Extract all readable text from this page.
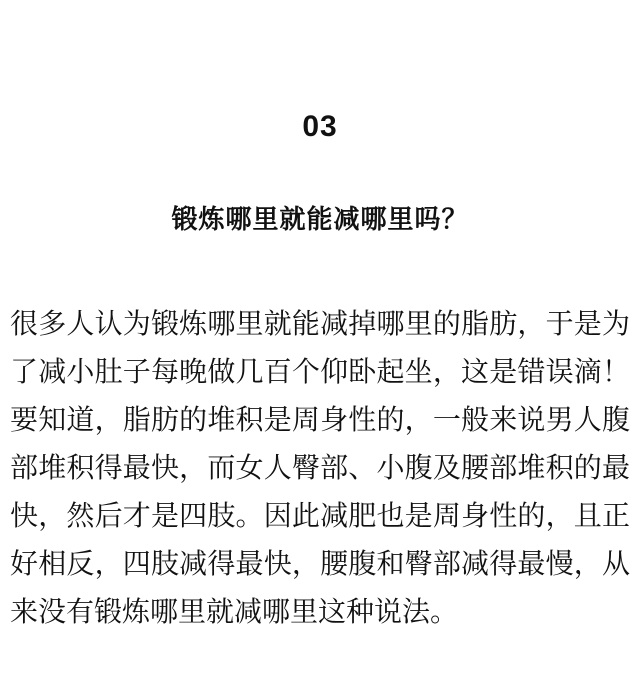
03
锻炼哪里就能减哪里吗？
很多人认为锻炼哪里就能减掉哪里的脂肪，于是为了减小肚子每晚做几百个仰卧起坐，这是错误滴！要知道，脂肪的堆积是周身性的，一般来说男人腹部堆积得最快，而女人臀部、小腹及腰部堆积的最快，然后才是四肢。因此减肥也是周身性的，且正好相反，四肢减得最快，腰腹和臀部减得最慢，从来没有锻炼哪里就减哪里这种说法。
